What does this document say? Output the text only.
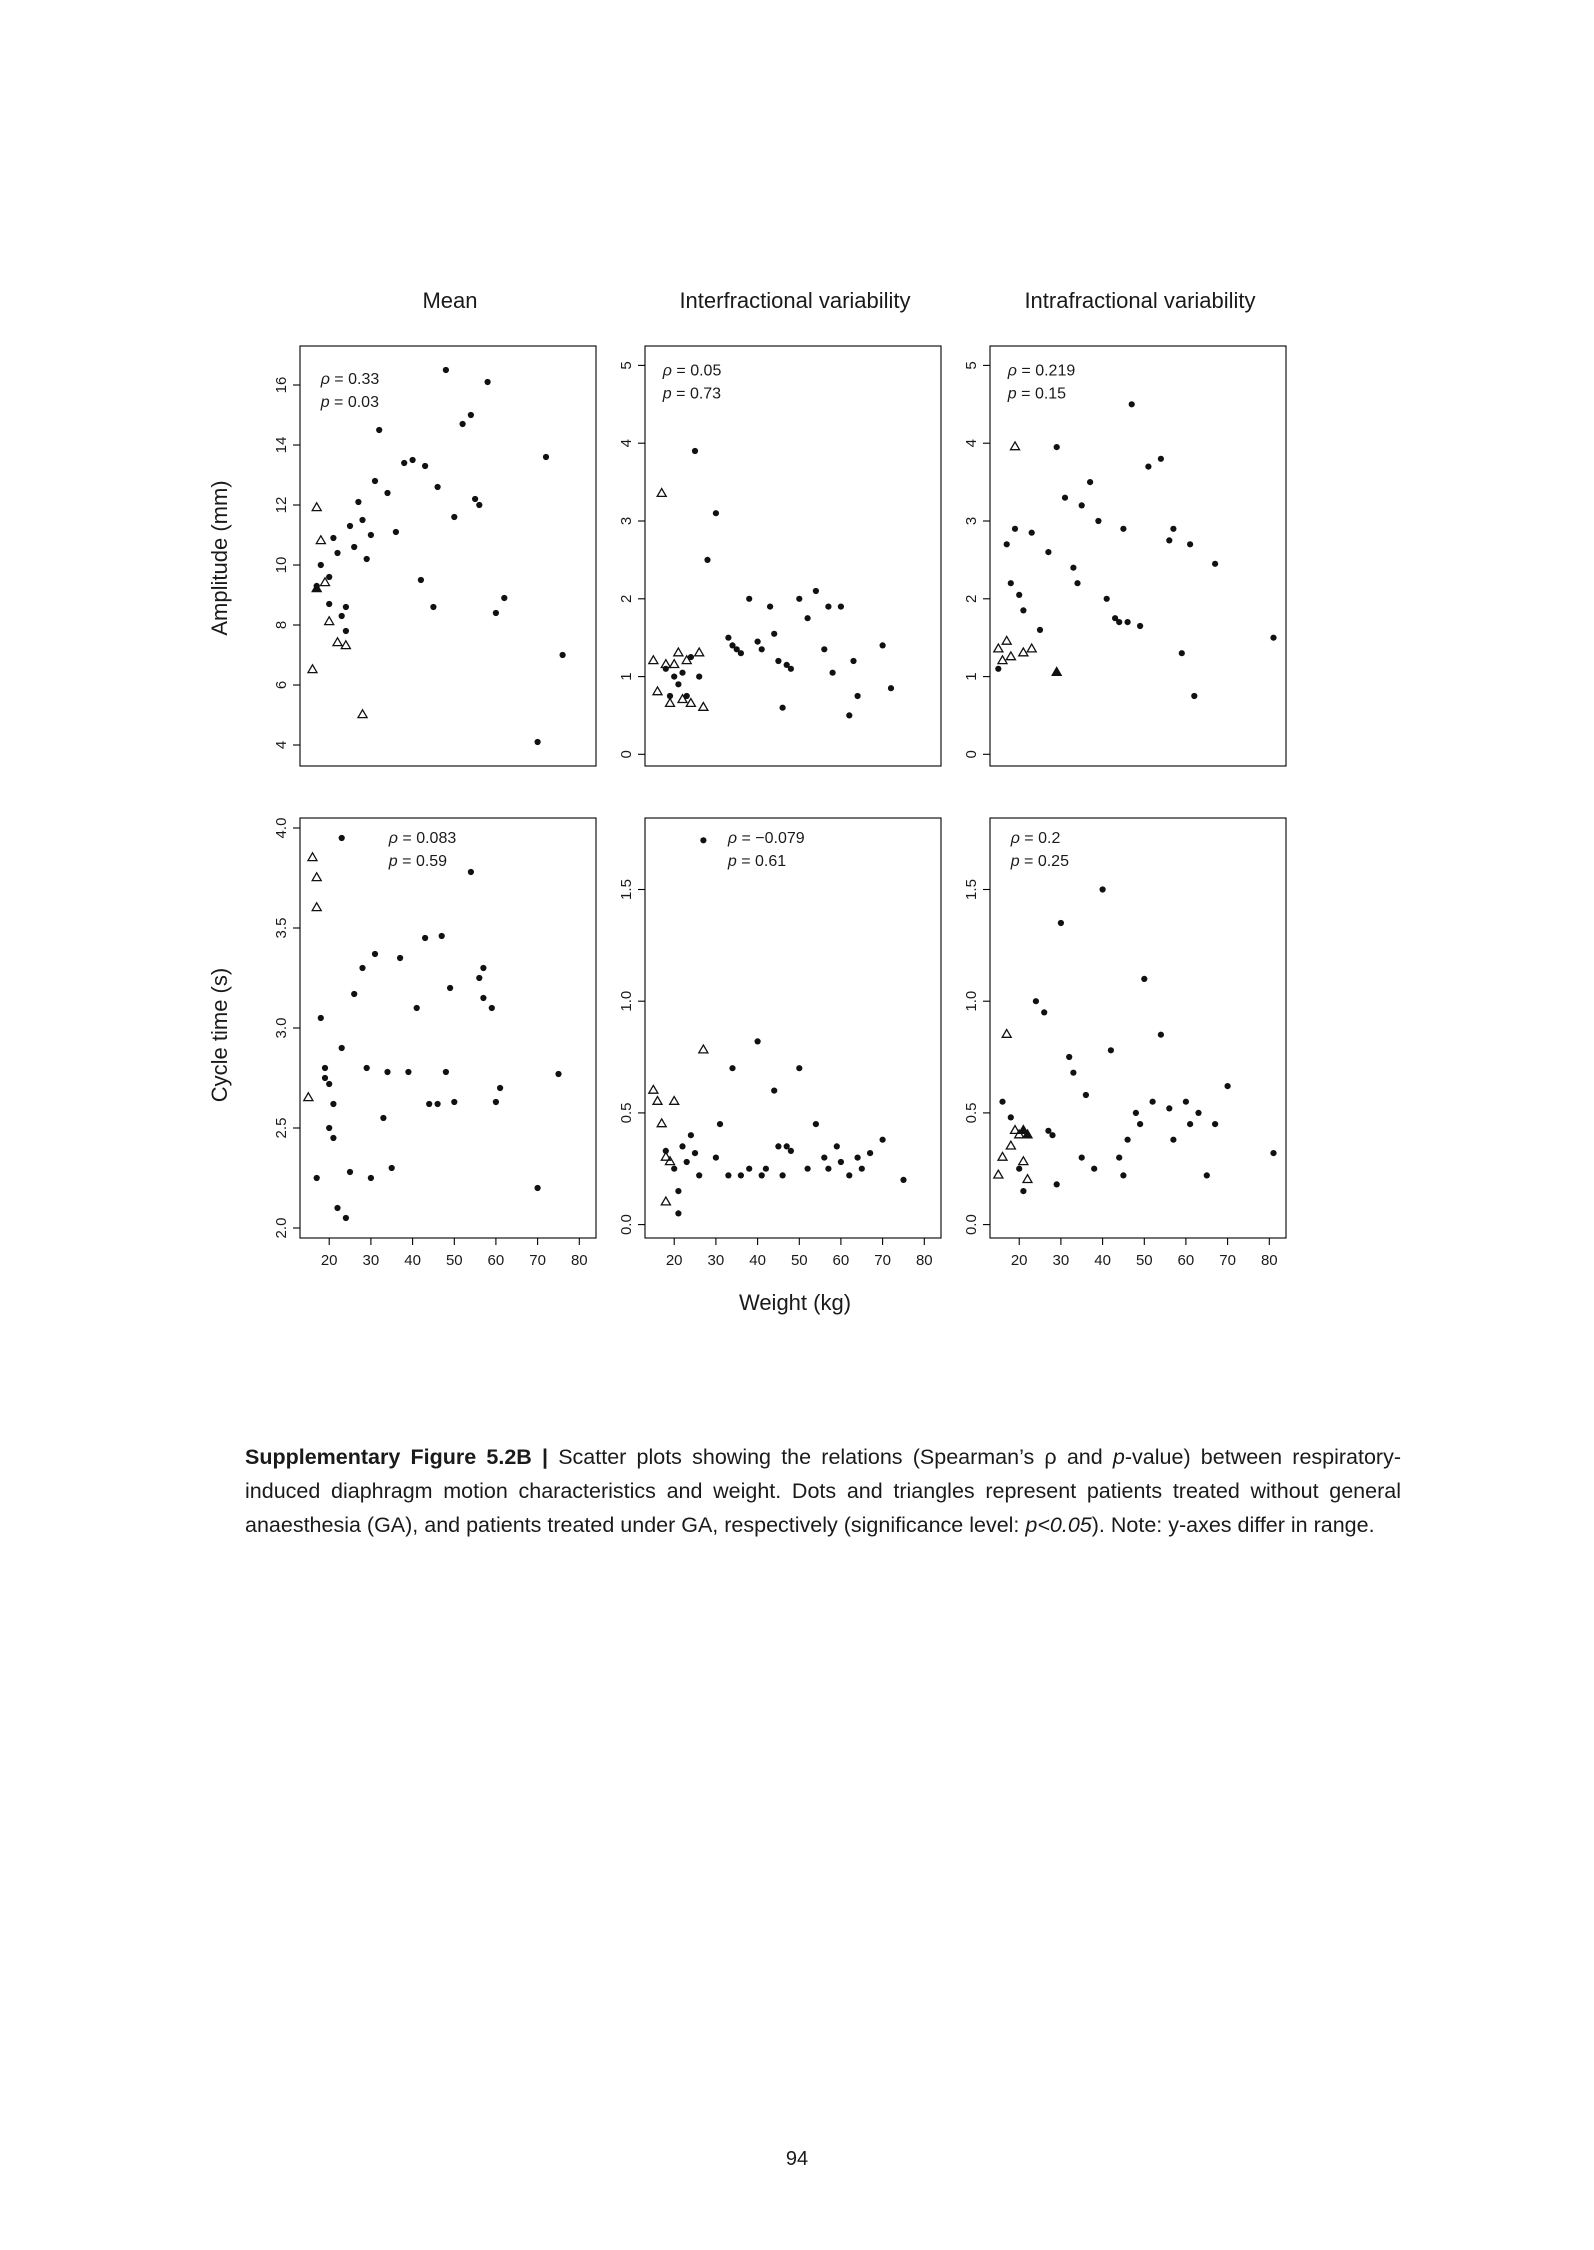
Mean	Interfractional variability	Intrafractional variability
Amplitude (mm)
Cycle time (s)
4
6
8
10
12
14
16 ρ = 0.33
p = 0.03
0
1
2
3
4
5 ρ = 0.05
p = 0.73
0
1
2
3
4
5 ρ = 0.219
p = 0.15
2.0
2.5
3.0
3.5
4.0
20 30 40 50 60 70 80
ρ = 0.083
p = 0.59
0.0
0.5
1.0
1.5
20 30 40 50 60 70 80
ρ = −0.079
p = 0.61
0.0
0.5
1.0
1.5
20 30 40 50 60 70 80
ρ = 0.2
p = 0.25
Weight (kg)

Supplementary Figure 5.2B | Scatter plots showing the relations (Spearman’s ρ and p-value) between respiratory-induced diaphragm motion characteristics and weight. Dots and triangles represent patients treated without general anaesthesia (GA), and patients treated under GA, respectively (significance level: p<0.05). Note: y-axes differ in range.

94
